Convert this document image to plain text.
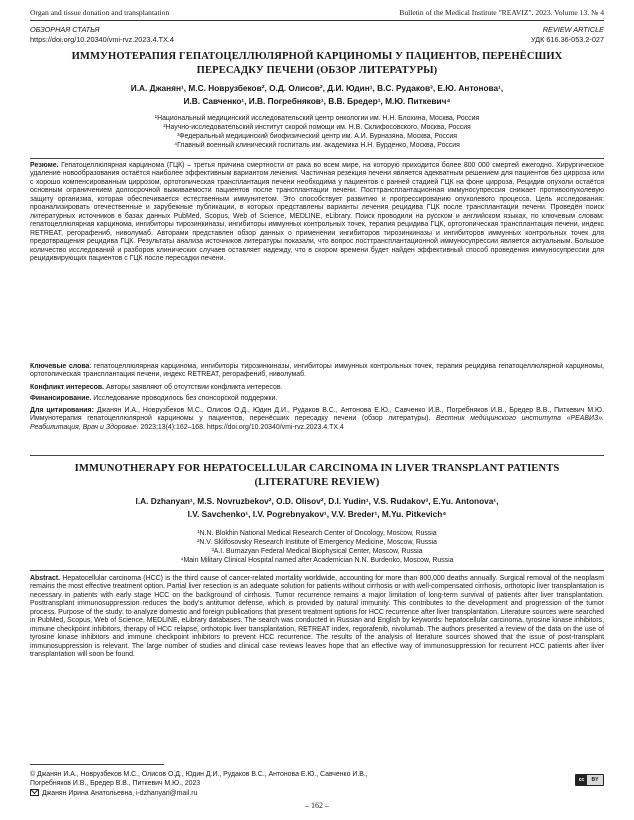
Organ and tissue donation and transplantation	Bulletin of the Medical Institute "REAVIZ". 2023. Volume 13. № 4
ОБЗОРНАЯ СТАТЬЯ	REVIEW ARTICLE
https://doi.org/10.20340/vmi-rvz.2023.4.TX.4	УДК 616.36-053.2-027
ИММУНОТЕРАПИЯ ГЕПАТОЦЕЛЛЮЛЯРНОЙ КАРЦИНОМЫ У ПАЦИЕНТОВ, ПЕРЕНЁСШИХ
ПЕРЕСАДКУ ПЕЧЕНИ (ОБЗОР ЛИТЕРАТУРЫ)
И.А. Джанян¹, М.С. Новрузбеков², О.Д. Олисов², Д.И. Юдин¹, В.С. Рудаков³, Е.Ю. Антонова¹,
И.В. Савченко¹, И.В. Погребняков¹, В.В. Бредер¹, М.Ю. Питкевич⁴
¹Национальный медицинский исследовательский центр онкологии им. Н.Н. Блохина, Москва, Россия
²Научно-исследовательский институт скорой помощи им. Н.В. Склифосовского, Москва, Россия
³Федеральный медицинский биофизический центр им. А.И. Бурназяна, Москва, Россия
⁴Главный военный клинический госпиталь им. академика Н.Н. Бурденко, Москва, Россия
Резюме. Гепатоцеллюлярная карцинома (ГЦК) – третья причина смертности от рака во всем мире, на которую приходится более 800 000 смертей ежегодно. Хирургическое удаление новообразования остаётся наиболее эффективным вариантом лечения. Частичная резекция печени является адекватным решением для пациентов без цирроза или с хорошо компенсированным циррозом, ортотопическая трансплантация печени необходима у пациентов с ранней стадией ГЦК на фоне цирроза. Рецидив опухоли остаётся основным ограничением долгосрочной выживаемости пациентов после трансплантации печени. Посттрансплантационная иммуносупрессия снижает противоопухолевую защиту организма, которая обеспечивается естественным иммунитетом. Это способствует развитию и прогрессированию опухолевого процесса. Цель исследования: проанализировать отечественные и зарубежные публикации, в которых представлены варианты лечения рецидива ГЦК после трансплантации печени. Проведён поиск литературных источников в базах данных PubMed, Scopus, Web of Science, MEDLINE, eLibrary. Поиск проводили на русском и английском языках, по ключевым словам: гепатоцеллюлярная карцинома, ингибиторы тирозинкиназы, ингибиторы иммунных контрольных точек, терапия рецидива ГЦК, ортотопическая трансплантация печени, индекс RETREAT, регорафениб, ниволумаб. Авторами представлен обзор данных о применении ингибиторов тирозинкиназы и ингибиторов иммунных контрольных точек для предотвращения рецидива ГЦК. Результаты анализа источников литературы показали, что вопрос посттрансплантационной иммуносупрессии является актуальным. Большое количество исследований и разборов клинических случаев оставляет надежду, что в скором времени будет найден эффективный способ проведения иммуносупрессии для рецидивирующих пациентов с ГЦК после пересадки печени.
Ключевые слова: гепатоцеллюлярная карцинома, ингибиторы тирозинкиназы, ингибиторы иммунных контрольных точек, терапия рецидива гепатоцеллюлярной карциномы, ортотопическая трансплантация печени, индекс RETREAT, регорафениб, ниволумаб.
Конфликт интересов. Авторы заявляют об отсутствии конфликта интересов.
Финансирование. Исследование проводилось без спонсорской поддержки.
Для цитирования: Джанян И.А., Новрузбеков М.С., Олисов О.Д., Юдин Д.И., Рудаков В.С., Антонова Е.Ю., Савченко И.В., Погребняков И.В., Бредер В.В., Питкевич М.Ю. Иммунотерапия гепатоцеллюлярной карциномы у пациентов, перенёсших пересадку печени (обзор литературы). Вестник медицинского института «РЕАВИЗ». Реабилитация, Врач и Здоровье. 2023;13(4):162–168. https://doi.org/10.20340/vmi-rvz.2023.4.TX.4
IMMUNOTHERAPY FOR HEPATOCELLULAR CARCINOMA IN LIVER TRANSPLANT PATIENTS
(LITERATURE REVIEW)
I.A. Dzhanyan¹, M.S. Novruzbekov², O.D. Olisov², D.I. Yudin¹, V.S. Rudakov³, E.Yu. Antonova¹,
I.V. Savchenko¹, I.V. Pogrebnyakov¹, V.V. Breder¹, M.Yu. Pitkevich⁴
¹N.N. Blokhin National Medical Research Center of Oncology, Moscow, Russia
²N.V. Sklifosovsky Research Institute of Emergency Medicine, Moscow, Russia
³A.I. Burnazyan Federal Medical Biophysical Center, Moscow, Russia
⁴Main Military Clinical Hospital named after Academician N.N. Burdenko, Moscow, Russia
Abstract. Hepatocellular carcinoma (HCC) is the third cause of cancer-related mortality worldwide, accounting for more than 800,000 deaths annually. Surgical removal of the neoplasm remains the most effective treatment option. Partial liver resection is an adequate solution for patients without cirrhosis or with well-compensated cirrhosis, orthotopic liver transplantation is necessary in patients with early stage HCC on the background of cirrhosis. Tumor recurrence remains a major limitation of long-term survival of patients after liver transplantation. Posttransplant immunosuppression reduces the body's antitumor defense, which is provided by natural immunity. This contributes to the development and progression of the tumor process. Purpose of the study: to analyze domestic and foreign publications that present treatment options for HCC recurrence after liver transplantation. Literature sources were searched in PubMed, Scopus, Web of Science, MEDLINE, eLibrary databases. The search was conducted in Russian and English by keywords: hepatocellular carcinoma, tyrosine kinase inhibitors, immune checkpoint inhibitors, therapy of HCC relapse, orthotopic liver transplantation, RETREAT index, regorafenib, nivolumab. The authors presented a review of the data on the use of tyrosine kinase inhibitors and immune checkpoint inhibitors to prevent HCC recurrence. The results of the analysis of literature sources showed that the issue of post-transplant immunosuppression is relevant. The large number of studies and clinical case reviews leaves hope that an effective way of immunosuppression for recurrent HCC patients after liver transplantation will soon be found.
© Джанян И.А., Новрузбеков М.С., Олисов О.Д., Юдин Д.И., Рудаков В.С., Антонова Е.Ю., Савченко И.В.,
Погребняков И.В., Бредер В.В., Питкевич М.Ю., 2023
Джанян Ирина Анатольевна, i-dzhanyan@mail.ru
cc	BY
– 162 –
